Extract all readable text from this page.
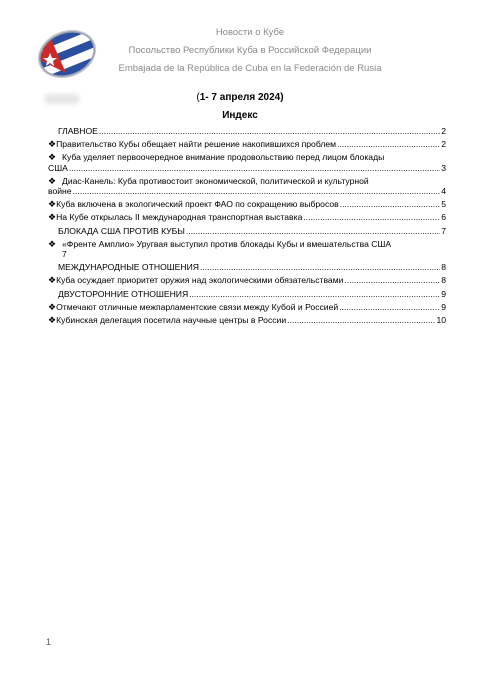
Новости о Кубе
Посольство Республики Куба в Российской Федерации
Embajada de la República de Cuba en la Federación de Rusia
(1- 7 апреля 2024)
Индекс
ГЛАВНОЕ .....	2
❖ Правительство Кубы обещает найти решение накопившихся проблем .....	2
❖ Куба уделяет первоочередное внимание продовольствию перед лицом блокады
США .....	3
❖ Диас-Канель: Куба противостоит экономической, политической и культурной
войне .....	4
❖ Куба включена в экологический проект ФАО по сокращению выбросов .....	5
❖ На Кубе открылась II международная транспортная выставка .....	6
БЛОКАДА США ПРОТИВ КУБЫ .....	7
❖ «Френте Амплио» Уругвая выступил против блокады Кубы и вмешательства США
7
МЕЖДУНАРОДНЫЕ ОТНОШЕНИЯ .....	8
❖ Куба осуждает приоритет оружия над экологическими обязательствами .....	8
ДВУСТОРОННИЕ ОТНОШЕНИЯ .....	9
❖ Отмечают отличные межпарламентские связи между Кубой и Россией .....	9
❖ Кубинская делегация посетила научные центры в России .....	10
1
